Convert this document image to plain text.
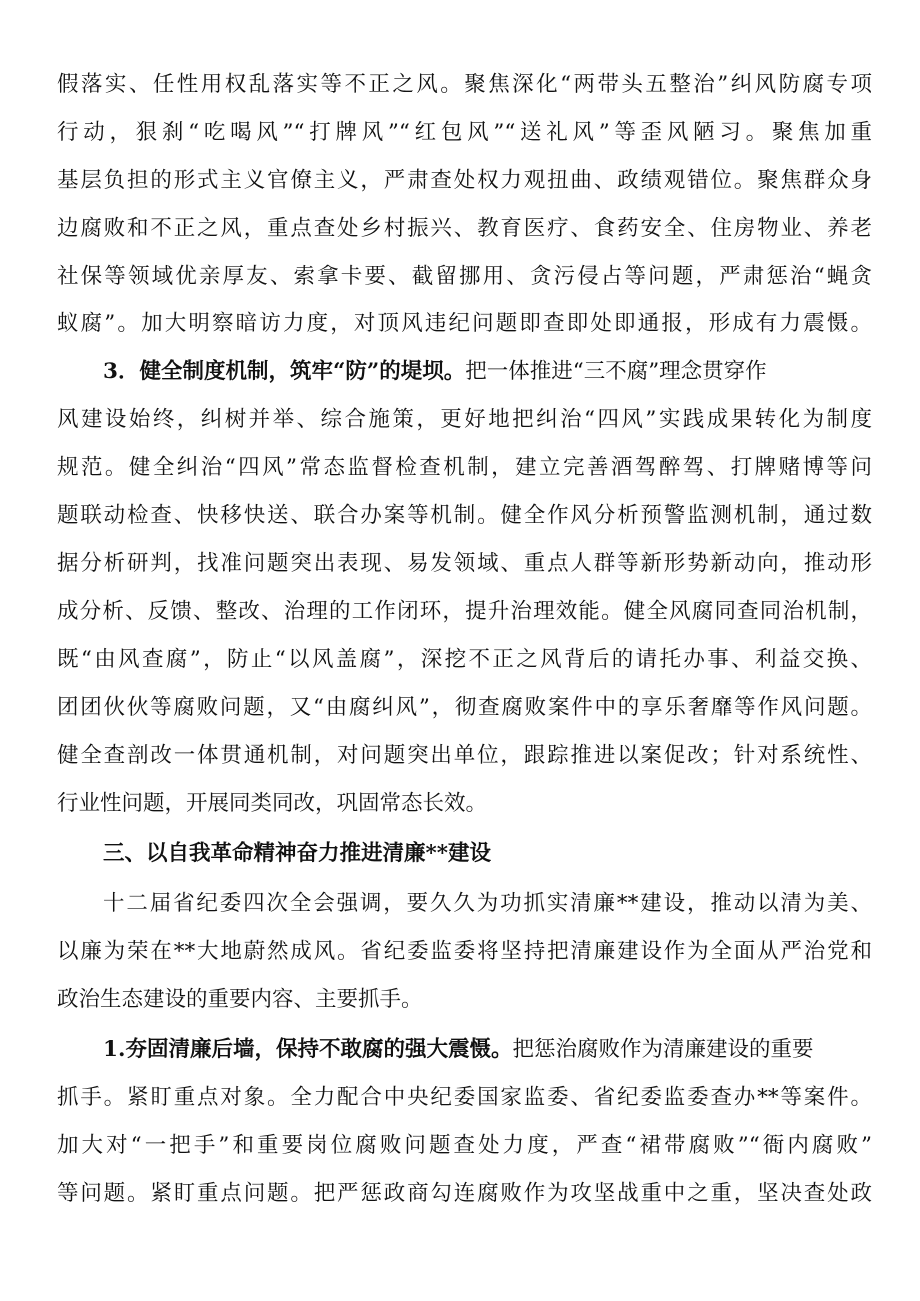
假落实、任性用权乱落实等不正之风。聚焦深化“两带头五整治”纠风防腐专项
行动，狠刹“吃喝风”“打牌风”“红包风”“送礼风”等歪风陋习。聚焦加重
基层负担的形式主义官僚主义，严肃查处权力观扭曲、政绩观错位。聚焦群众身
边腐败和不正之风，重点查处乡村振兴、教育医疗、食药安全、住房物业、养老
社保等领域优亲厚友、索拿卡要、截留挪用、贪污侵占等问题，严肃惩治“蝇贪
蚁腐”。加大明察暗访力度，对顶风违纪问题即查即处即通报，形成有力震慑。
3．健全制度机制，筑牢“防”的堤坝。把一体推进“三不腐”理念贯穿作
风建设始终，纠树并举、综合施策，更好地把纠治“四风”实践成果转化为制度
规范。健全纠治“四风”常态监督检查机制，建立完善酒驾醉驾、打牌赌博等问
题联动检查、快移快送、联合办案等机制。健全作风分析预警监测机制，通过数
据分析研判，找准问题突出表现、易发领域、重点人群等新形势新动向，推动形
成分析、反馈、整改、治理的工作闭环，提升治理效能。健全风腐同查同治机制，
既“由风查腐”，防止“以风盖腐”，深挖不正之风背后的请托办事、利益交换、
团团伙伙等腐败问题，又“由腐纠风”，彻查腐败案件中的享乐奢靡等作风问题。
健全查剖改一体贯通机制，对问题突出单位，跟踪推进以案促改；针对系统性、
行业性问题，开展同类同改，巩固常态长效。
三、以自我革命精神奋力推进清廉**建设
十二届省纪委四次全会强调，要久久为功抓实清廉**建设，推动以清为美、
以廉为荣在**大地蔚然成风。省纪委监委将坚持把清廉建设作为全面从严治党和
政治生态建设的重要内容、主要抓手。
1.夯固清廉后墙，保持不敢腐的强大震慑。把惩治腐败作为清廉建设的重要
抓手。紧盯重点对象。全力配合中央纪委国家监委、省纪委监委查办**等案件。
加大对“一把手”和重要岗位腐败问题查处力度，严查“裙带腐败”“衙内腐败”
等问题。紧盯重点问题。把严惩政商勾连腐败作为攻坚战重中之重，坚决查处政
